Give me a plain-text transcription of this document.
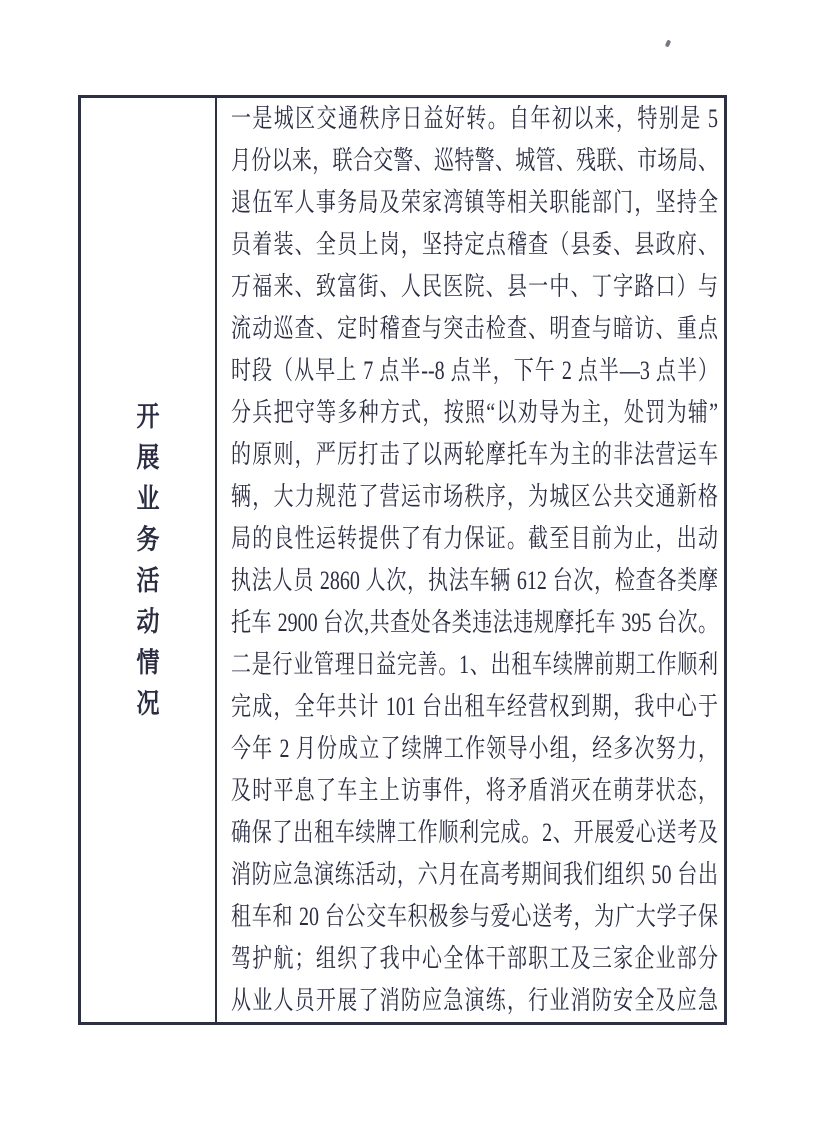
开
展
业
务
活
动
情
况
一是城区交通秩序日益好转。自年初以来，特别是 5
月份以来，联合交警、巡特警、城管、残联、市场局、
退伍军人事务局及荣家湾镇等相关职能部门，坚持全
员着装、全员上岗，坚持定点稽查（县委、县政府、
万福来、致富街、人民医院、县一中、丁字路口）与
流动巡查、定时稽查与突击检查、明查与暗访、重点
时段（从早上 7 点半--8 点半，下午 2 点半—3 点半）
分兵把守等多种方式，按照“以劝导为主，处罚为辅”
的原则，严厉打击了以两轮摩托车为主的非法营运车
辆，大力规范了营运市场秩序，为城区公共交通新格
局的良性运转提供了有力保证。截至目前为止，出动
执法人员 2860 人次，执法车辆 612 台次，检查各类摩
托车 2900 台次,共查处各类违法违规摩托车 395 台次。
二是行业管理日益完善。1、出租车续牌前期工作顺利
完成，全年共计 101 台出租车经营权到期，我中心于
今年 2 月份成立了续牌工作领导小组，经多次努力，
及时平息了车主上访事件，将矛盾消灭在萌芽状态，
确保了出租车续牌工作顺利完成。2、开展爱心送考及
消防应急演练活动，六月在高考期间我们组织 50 台出
租车和 20 台公交车积极参与爱心送考，为广大学子保
驾护航；组织了我中心全体干部职工及三家企业部分
从业人员开展了消防应急演练，行业消防安全及应急
